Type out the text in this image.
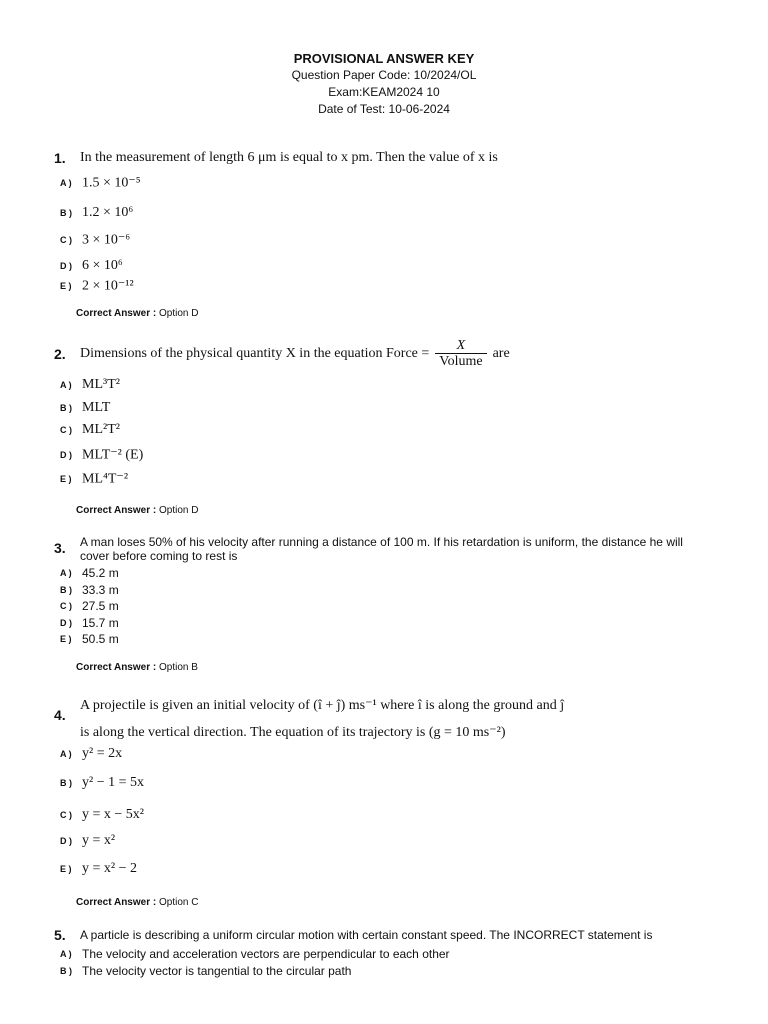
PROVISIONAL ANSWER KEY
Question Paper Code: 10/2024/OL
Exam:KEAM2024 10
Date of Test: 10-06-2024
1. In the measurement of length 6 μm is equal to x pm. Then the value of x is
A ) 1.5 × 10⁻⁵
B ) 1.2 × 10⁶
C ) 3 × 10⁻⁶
D ) 6 × 10⁶
E ) 2 × 10⁻¹²
Correct Answer : Option D
2. Dimensions of the physical quantity X in the equation Force = $\frac{X}{\text{Volume}}$ are
A ) ML³T²
B ) MLT
C ) ML²T²
D ) MLT⁻² (E)
E ) ML⁴T⁻²
Correct Answer : Option D
3. A man loses 50% of his velocity after running a distance of 100 m. If his retardation is uniform, the distance he will
cover before coming to rest is
A ) 45.2 m
B ) 33.3 m
C ) 27.5 m
D ) 15.7 m
E ) 50.5 m
Correct Answer : Option B
4.
A projectile is given an initial velocity of (î + ĵ) ms⁻¹ where î is along the ground and ĵ
is along the vertical direction. The equation of its trajectory is (g = 10 ms⁻²)
A ) y² = 2x
B ) y² − 1 = 5x
C ) y = x − 5x²
D ) y = x²
E ) y = x² − 2
Correct Answer : Option C
5. A particle is describing a uniform circular motion with certain constant speed. The INCORRECT statement is
A ) The velocity and acceleration vectors are perpendicular to each other
B ) The velocity vector is tangential to the circular path
